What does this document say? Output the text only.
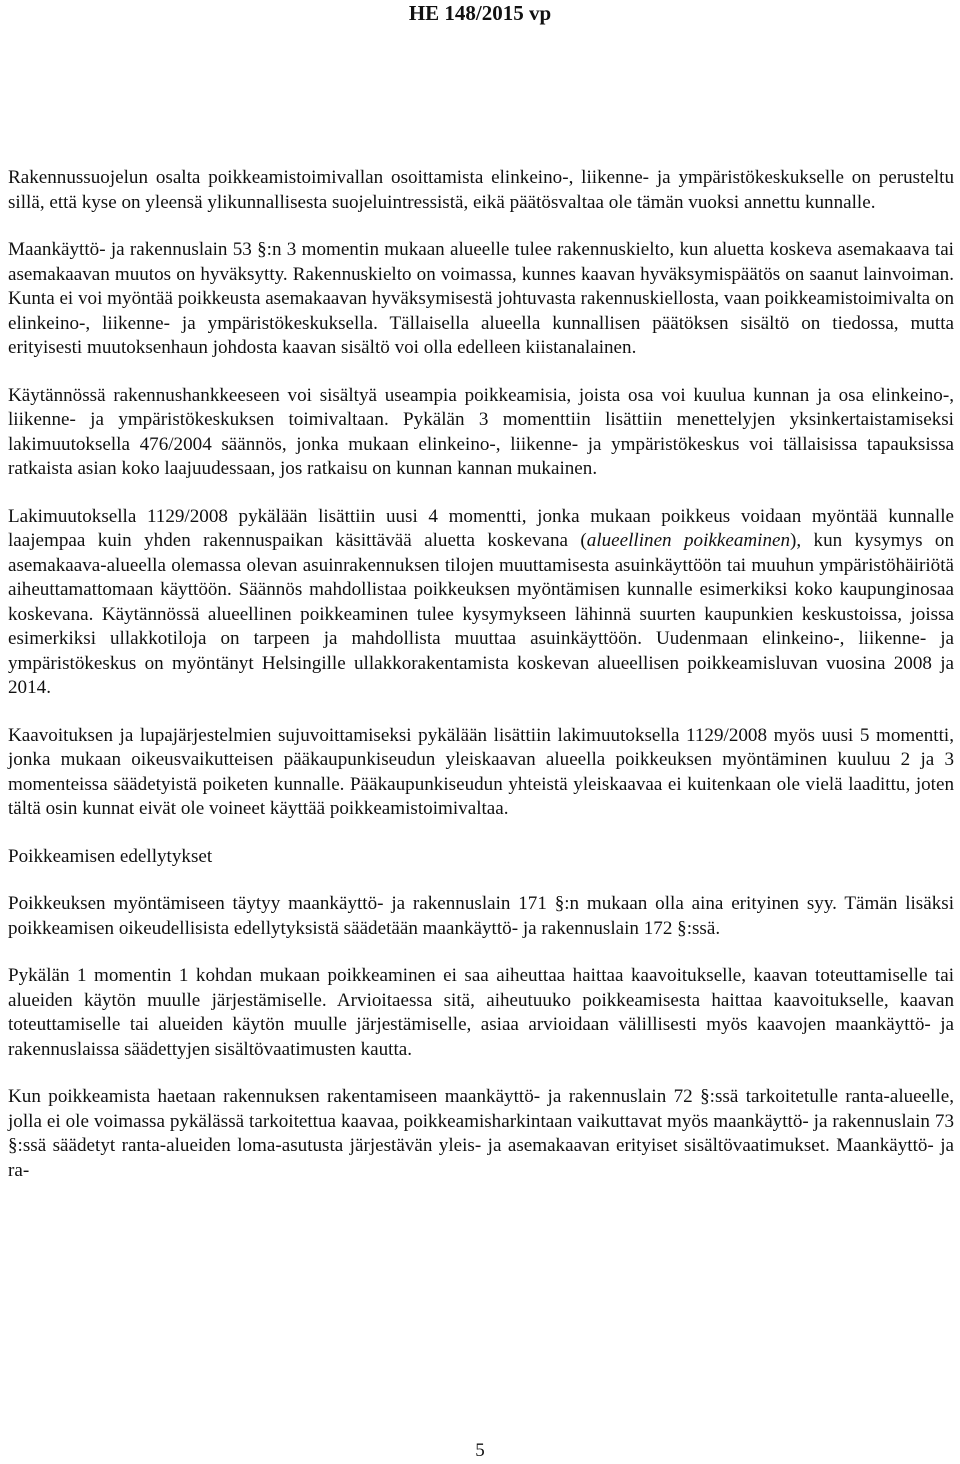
HE 148/2015 vp

Rakennussuojelun osalta poikkeamistoimivallan osoittamista elinkeino-, liikenne- ja ympäristökeskukselle on perusteltu sillä, että kyse on yleensä ylikunnallisesta suojeluintressistä, eikä päätösvaltaa ole tämän vuoksi annettu kunnalle.

Maankäyttö- ja rakennuslain 53 §:n 3 momentin mukaan alueelle tulee rakennuskielto, kun aluetta koskeva asemakaava tai asemakaavan muutos on hyväksytty. Rakennuskielto on voimassa, kunnes kaavan hyväksymispäätös on saanut lainvoiman. Kunta ei voi myöntää poikkeusta asemakaavan hyväksymisestä johtuvasta rakennuskiellosta, vaan poikkeamistoimivalta on elinkeino-, liikenne- ja ympäristökeskuksella. Tällaisella alueella kunnallisen päätöksen sisältö on tiedossa, mutta erityisesti muutoksenhaun johdosta kaavan sisältö voi olla edelleen kiistanalainen.

Käytännössä rakennushankkeeseen voi sisältyä useampia poikkeamisia, joista osa voi kuulua kunnan ja osa elinkeino-, liikenne- ja ympäristökeskuksen toimivaltaan. Pykälän 3 momenttiin lisättiin menettelyjen yksinkertaistamiseksi lakimuutoksella 476/2004 säännös, jonka mukaan elinkeino-, liikenne- ja ympäristökeskus voi tällaisissa tapauksissa ratkaista asian koko laajuudessaan, jos ratkaisu on kunnan kannan mukainen.

Lakimuutoksella 1129/2008 pykälään lisättiin uusi 4 momentti, jonka mukaan poikkeus voidaan myöntää kunnalle laajempaa kuin yhden rakennuspaikan käsittävää aluetta koskevana (alueellinen poikkeaminen), kun kysymys on asemakaava-alueella olemassa olevan asuinrakennuksen tilojen muuttamisesta asuinkäyttöön tai muuhun ympäristöhäiriötä aiheuttamattomaan käyttöön. Säännös mahdollistaa poikkeuksen myöntämisen kunnalle esimerkiksi koko kaupunginosaa koskevana. Käytännössä alueellinen poikkeaminen tulee kysymykseen lähinnä suurten kaupunkien keskustoissa, joissa esimerkiksi ullakkotiloja on tarpeen ja mahdollista muuttaa asuinkäyttöön. Uudenmaan elinkeino-, liikenne- ja ympäristökeskus on myöntänyt Helsingille ullakkorakentamista koskevan alueellisen poikkeamisluvan vuosina 2008 ja 2014.

Kaavoituksen ja lupajärjestelmien sujuvoittamiseksi pykälään lisättiin lakimuutoksella 1129/2008 myös uusi 5 momentti, jonka mukaan oikeusvaikutteisen pääkaupunkiseudun yleiskaavan alueella poikkeuksen myöntäminen kuuluu 2 ja 3 momenteissa säädetyistä poiketen kunnalle. Pääkaupunkiseudun yhteistä yleiskaavaa ei kuitenkaan ole vielä laadittu, joten tältä osin kunnat eivät ole voineet käyttää poikkeamistoimivaltaa.

Poikkeamisen edellytykset

Poikkeuksen myöntämiseen täytyy maankäyttö- ja rakennuslain 171 §:n mukaan olla aina erityinen syy. Tämän lisäksi poikkeamisen oikeudellisista edellytyksistä säädetään maankäyttö- ja rakennuslain 172 §:ssä.

Pykälän 1 momentin 1 kohdan mukaan poikkeaminen ei saa aiheuttaa haittaa kaavoitukselle, kaavan toteuttamiselle tai alueiden käytön muulle järjestämiselle. Arvioitaessa sitä, aiheutuuko poikkeamisesta haittaa kaavoitukselle, kaavan toteuttamiselle tai alueiden käytön muulle järjestämiselle, asiaa arvioidaan välillisesti myös kaavojen maankäyttö- ja rakennuslaissa säädettyjen sisältövaatimusten kautta.

Kun poikkeamista haetaan rakennuksen rakentamiseen maankäyttö- ja rakennuslain 72 §:ssä tarkoitetulle ranta-alueelle, jolla ei ole voimassa pykälässä tarkoitettua kaavaa, poikkeamisharkintaan vaikuttavat myös maankäyttö- ja rakennuslain 73 §:ssä säädetyt ranta-alueiden loma-asutusta järjestävän yleis- ja asemakaavan erityiset sisältövaatimukset. Maankäyttö- ja ra-

5
